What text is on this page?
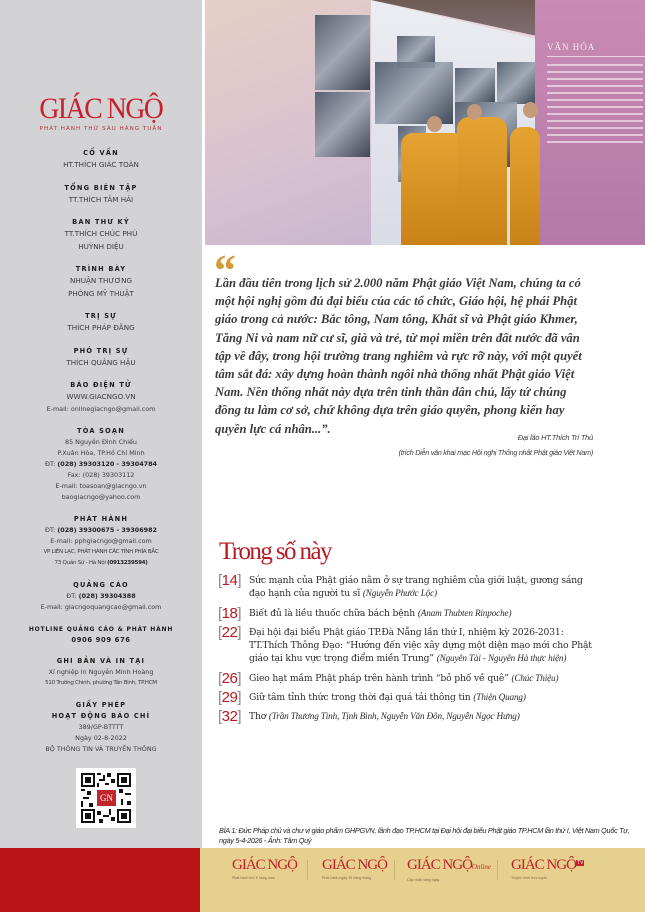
GIÁC NGỘ
PHÁT HÀNH THỨ SÁU HÀNG TUẦN
CỐ VẤN
HT.THÍCH GIÁC TOÀN
TỔNG BIÊN TẬP
TT.THÍCH TÂM HẢI
BAN THƯ KÝ
TT.THÍCH CHÚC PHÚ
HUỲNH DIỆU
TRÌNH BÀY
NHUẬN THƯƠNG
PHÒNG MỸ THUẬT
TRỊ SỰ
THÍCH PHÁP ĐĂNG
PHÓ TRỊ SỰ
THÍCH QUẢNG HẬU
BÁO ĐIỆN TỬ
WWW.GIACNGO.VN
E-mail: onlinegiacngo@gmail.com
TÒA SOẠN
85 Nguyễn Đình Chiểu
P.Xuân Hòa, TP.Hồ Chí Minh
ĐT: (028) 39303120 - 39304784
Fax: (028) 39303112
E-mail: toasoan@giacngo.vn
baogiacngo@yahoo.com
PHÁT HÀNH
ĐT: (028) 39300675 - 39306982
E-mail: pphgiacngo@gmail.com
VP LIÊN LẠC, PHÁT HÀNH CÁC TỈNH PHÍA BẮC
73 Quán Sứ - Hà Nội (0913239594)
QUẢNG CÁO
ĐT: (028) 39304388
E-mail: giacngoquangcao@gmail.com
HOTLINE QUẢNG CÁO & PHÁT HÀNH
0906 909 676
GHI BẢN VÀ IN TẠI
Xí nghiệp in Nguyễn Minh Hoàng
510 Trường Chinh, phường Tân Bình, TP.HCM
GIẤY PHÉP
HOẠT ĐỘNG BÁO CHÍ
389/GP-BTTTT
Ngày 02-8-2022
BỘ THÔNG TIN VÀ TRUYỀN THÔNG
GN
VĂN HÓA
“
Lần đầu tiên trong lịch sử 2.000 năm Phật giáo Việt Nam, chúng ta có một hội nghị gồm đủ đại biểu của các tổ chức, Giáo hội, hệ phái Phật giáo trong cả nước: Bắc tông, Nam tông, Khất sĩ và Phật giáo Khmer, Tăng Ni và nam nữ cư sĩ, già và trẻ, từ mọi miền trên đất nước đã vân tập về đây, trong hội trường trang nghiêm và rực rỡ này, với một quyết tâm sắt đá: xây dựng hoàn thành ngôi nhà thống nhất Phật giáo Việt Nam. Nền thống nhất này dựa trên tinh thần dân chủ, lấy tứ chúng đồng tu làm cơ sở, chứ không dựa trên giáo quyền, phong kiến hay quyền lực cá nhân...”.
Đại lão HT.Thích Trí Thủ
(trích Diễn văn khai mạc Hội nghị Thống nhất Phật giáo Việt Nam)
Trong số này
[14] Sức mạnh của Phật giáo nằm ở sự trang nghiêm của giới luật, gương sáng đạo hạnh của người tu sĩ (Nguyễn Phước Lộc)
[18] Biết đủ là liều thuốc chữa bách bệnh (Anam Thubten Rinpoche)
[22] Đại hội đại biểu Phật giáo TP.Đà Nẵng lần thứ I, nhiệm kỳ 2026-2031: TT.Thích Thông Đạo: “Hướng đến việc xây dựng một diện mạo mới cho Phật giáo tại khu vực trọng điểm miền Trung” (Nguyên Tài - Nguyên Hà thực hiện)
[26] Gieo hạt mầm Phật pháp trên hành trình “bỏ phố về quê” (Chúc Thiệu)
[29] Giữ tâm tỉnh thức trong thời đại quá tải thông tin (Thiện Quang)
[32] Thơ (Trần Thương Tình, Tịnh Bình, Nguyễn Văn Đôn, Nguyễn Ngọc Hưng)
BÌA 1: Đức Pháp chủ và chư vị giáo phẩm GHPGVN, lãnh đạo TP.HCM tại Đại hội đại biểu Phật giáo TP.HCM lần thứ I, Việt Nam Quốc Tự, ngày 5-4-2026 - Ảnh: Tâm Quý
GIÁC NGỘ
Phát hành thứ 6 hàng tuần
GIÁC NGỘ
Phát hành ngày 15 hàng tháng
GIÁC NGỘOnline
Cập nhật hàng ngày
GIÁC NGỘTV
Truyền hình trực tuyến
